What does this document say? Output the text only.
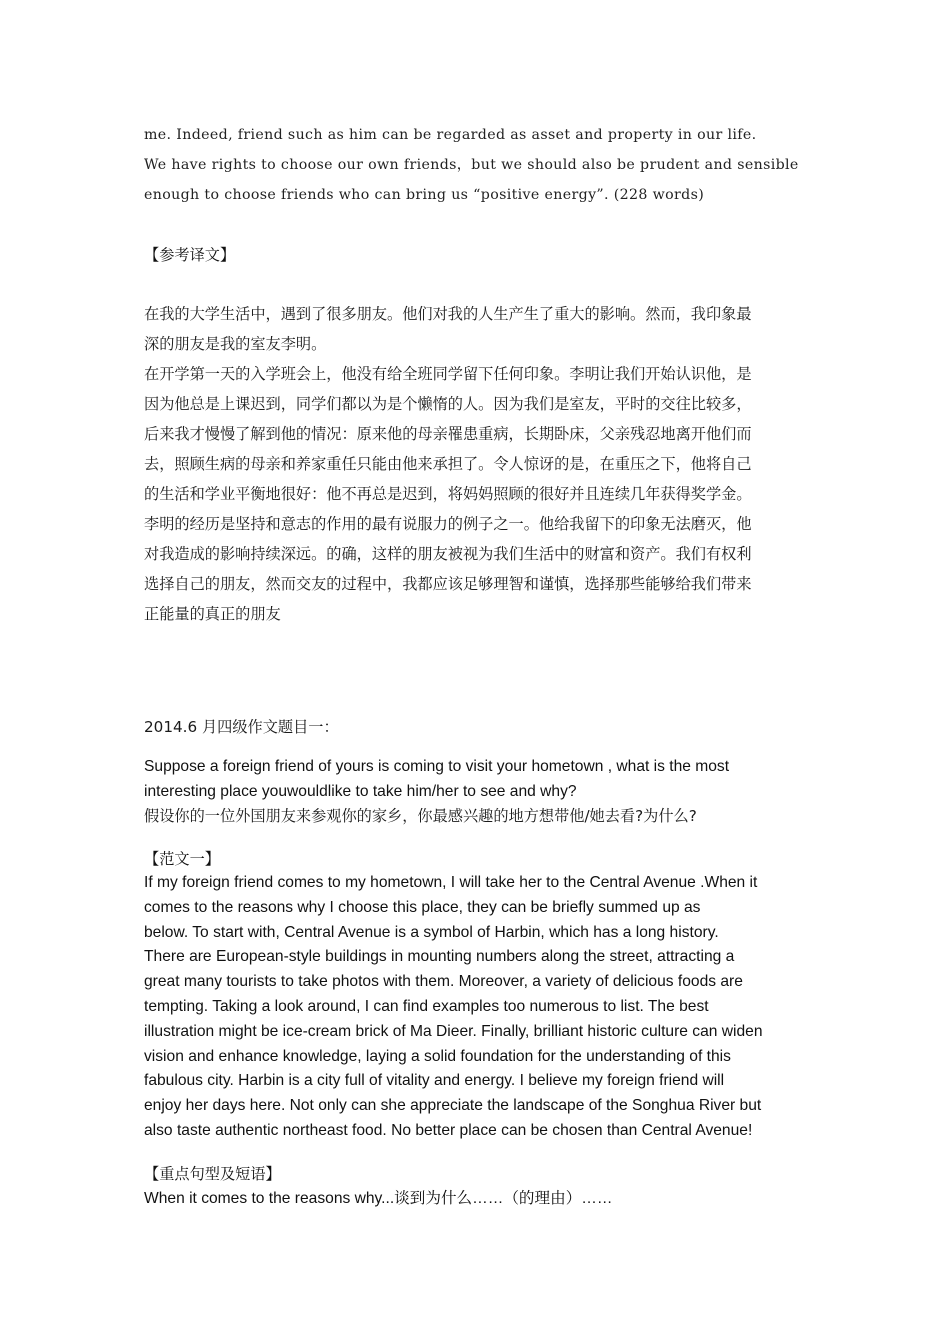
me. Indeed, friend such as him can be regarded as asset and property in our life.

We have rights to choose our own friends，but we should also be prudent and sensible

enough to choose friends who can bring us “positive energy”. (228 words)

【参考译文】

在我的大学生活中，遇到了很多朋友。他们对我的人生产生了重大的影响。然而，我印象最

深的朋友是我的室友李明。

在开学第一天的入学班会上，他没有给全班同学留下任何印象。李明让我们开始认识他，是

因为他总是上课迟到，同学们都以为是个懒惰的人。因为我们是室友，平时的交往比较多，

后来我才慢慢了解到他的情况：原来他的母亲罹患重病，长期卧床，父亲残忍地离开他们而

去，照顾生病的母亲和养家重任只能由他来承担了。令人惊讶的是，在重压之下，他将自己

的生活和学业平衡地很好：他不再总是迟到，将妈妈照顾的很好并且连续几年获得奖学金。

李明的经历是坚持和意志的作用的最有说服力的例子之一。他给我留下的印象无法磨灭，他

对我造成的影响持续深远。的确，这样的朋友被视为我们生活中的财富和资产。我们有权利

选择自己的朋友，然而交友的过程中，我都应该足够理智和谨慎，选择那些能够给我们带来

正能量的真正的朋友

2014.6 月四级作文题目一：

Suppose a foreign friend of yours is coming to visit your hometown , what is the most

interesting place youwouldlike to take him/her to see and why?

假设你的一位外国朋友来参观你的家乡，你最感兴趣的地方想带他/她去看?为什么?

【范文一】

If my foreign friend comes to my hometown, I will take her to the Central Avenue .When it

comes to the reasons why I choose this place, they can be briefly summed up as

below. To start with, Central Avenue is a symbol of Harbin, which has a long history.

There are European-style buildings in mounting numbers along the street, attracting a

great many tourists to take photos with them. Moreover, a variety of delicious foods are

tempting. Taking a look around, I can find examples too numerous to list. The best

illustration might be ice-cream brick of Ma Dieer. Finally, brilliant historic culture can widen

vision and enhance knowledge, laying a solid foundation for the understanding of this

fabulous city. Harbin is a city full of vitality and energy. I believe my foreign friend will

enjoy her days here. Not only can she appreciate the landscape of the Songhua River but

also taste authentic northeast food. No better place can be chosen than Central Avenue!

【重点句型及短语】

When it comes to the reasons why...谈到为什么……（的理由）……
